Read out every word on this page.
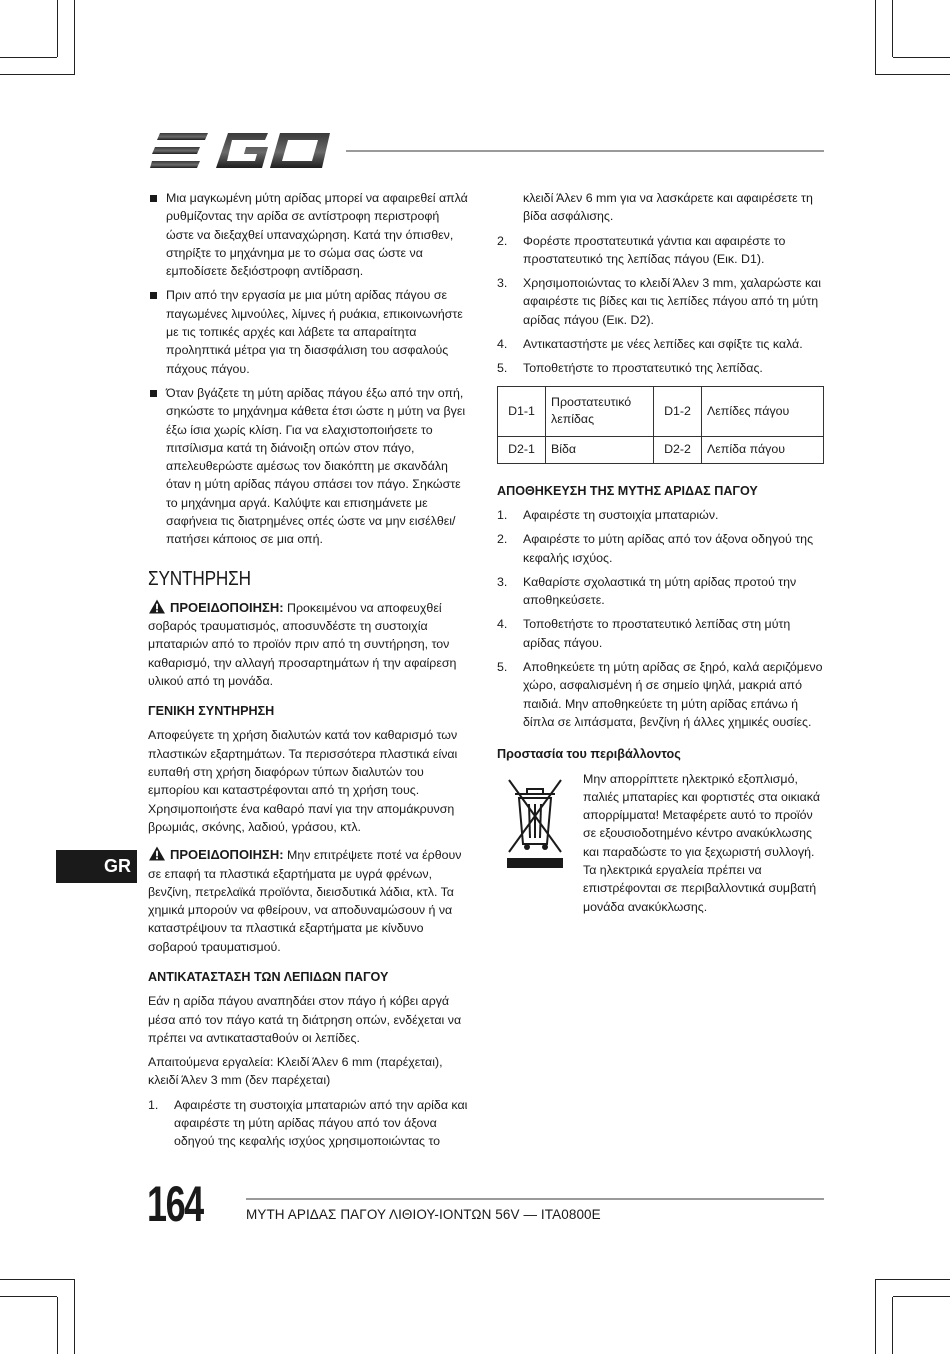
Μια μαγκωμένη μύτη αρίδας μπορεί να αφαιρεθεί απλά ρυθμίζοντας την αρίδα σε αντίστροφη περιστροφή ώστε να διεξαχθεί υπαναχώρηση. Κατά την όπισθεν, στηρίξτε το μηχάνημα με το σώμα σας ώστε να εμποδίσετε δεξιόστροφη αντίδραση.
Πριν από την εργασία με μια μύτη αρίδας πάγου σε παγωμένες λιμνούλες, λίμνες ή ρυάκια, επικοινωνήστε με τις τοπικές αρχές και λάβετε τα απαραίτητα προληπτικά μέτρα για τη διασφάλιση του ασφαλούς πάχους πάγου.
Όταν βγάζετε τη μύτη αρίδας πάγου έξω από την οπή, σηκώστε το μηχάνημα κάθετα έτσι ώστε η μύτη να βγει έξω ίσια χωρίς κλίση. Για να ελαχιστοποιήσετε το πιτσίλισμα κατά τη διάνοιξη οπών στον πάγο, απελευθερώστε αμέσως τον διακόπτη με σκανδάλη όταν η μύτη αρίδας πάγου σπάσει τον πάγο. Σηκώστε το μηχάνημα αργά. Καλύψτε και επισημάνετε με σαφήνεια τις διατρημένες οπές ώστε να μην εισέλθει/πατήσει κάποιος σε μια οπή.
ΣΥΝΤΗΡΗΣΗ

ΠΡΟΕΙΔΟΠΟΙΗΣΗ: Προκειμένου να αποφευχθεί σοβαρός τραυματισμός, αποσυνδέστε τη συστοιχία μπαταριών από το προϊόν πριν από τη συντήρηση, τον καθαρισμό, την αλλαγή προσαρτημάτων ή την αφαίρεση υλικού από τη μονάδα.

ΓΕΝΙΚΗ ΣΥΝΤΗΡΗΣΗ

Αποφεύγετε τη χρήση διαλυτών κατά τον καθαρισμό των πλαστικών εξαρτημάτων. Τα περισσότερα πλαστικά είναι ευπαθή στη χρήση διαφόρων τύπων διαλυτών του εμπορίου και καταστρέφονται από τη χρήση τους. Χρησιμοποιήστε ένα καθαρό πανί για την απομάκρυνση βρωμιάς, σκόνης, λαδιού, γράσου, κτλ.

ΠΡΟΕΙΔΟΠΟΙΗΣΗ: Μην επιτρέψετε ποτέ να έρθουν σε επαφή τα πλαστικά εξαρτήματα με υγρά φρένων, βενζίνη, πετρελαϊκά προϊόντα, διεισδυτικά λάδια, κτλ. Τα χημικά μπορούν να φθείρουν, να αποδυναμώσουν ή να καταστρέψουν τα πλαστικά εξαρτήματα με κίνδυνο σοβαρού τραυματισμού.

ΑΝΤΙΚΑΤΑΣΤΑΣΗ ΤΩΝ ΛΕΠΙΔΩΝ ΠΑΓΟΥ

Εάν η αρίδα πάγου αναπηδάει στον πάγο ή κόβει αργά μέσα από τον πάγο κατά τη διάτρηση οπών, ενδέχεται να πρέπει να αντικατασταθούν οι λεπίδες.

Απαιτούμενα εργαλεία: Κλειδί Άλεν 6 mm (παρέχεται), κλειδί Άλεν 3 mm (δεν παρέχεται)

1. Αφαιρέστε τη συστοιχία μπαταριών από την αρίδα και αφαιρέστε τη μύτη αρίδας πάγου από τον άξονα οδηγού της κεφαλής ισχύος χρησιμοποιώντας το
κλειδί Άλεν 6 mm για να λασκάρετε και αφαιρέσετε τη βίδα ασφάλισης.
2. Φορέστε προστατευτικά γάντια και αφαιρέστε το προστατευτικό της λεπίδας πάγου (Εικ. D1).
3. Χρησιμοποιώντας το κλειδί Άλεν 3 mm, χαλαρώστε και αφαιρέστε τις βίδες και τις λεπίδες πάγου από τη μύτη αρίδας πάγου (Εικ. D2).
4. Αντικαταστήστε με νέες λεπίδες και σφίξτε τις καλά.
5. Τοποθετήστε το προστατευτικό της λεπίδας.
D1-1	Προστατευτικό λεπίδας	D1-2	Λεπίδες πάγου
D2-1	Βίδα	D2-2	Λεπίδα πάγου
ΑΠΟΘΗΚΕΥΣΗ ΤΗΣ ΜΥΤΗΣ ΑΡΙΔΑΣ ΠΑΓΟΥ
1. Αφαιρέστε τη συστοιχία μπαταριών.
2. Αφαιρέστε το μύτη αρίδας από τον άξονα οδηγού της κεφαλής ισχύος.
3. Καθαρίστε σχολαστικά τη μύτη αρίδας προτού την αποθηκεύσετε.
4. Τοποθετήστε το προστατευτικό λεπίδας στη μύτη αρίδας πάγου.
5. Αποθηκεύετε τη μύτη αρίδας σε ξηρό, καλά αεριζόμενο χώρο, ασφαλισμένη ή σε σημείο ψηλά, μακριά από παιδιά. Μην αποθηκεύετε τη μύτη αρίδας επάνω ή δίπλα σε λιπάσματα, βενζίνη ή άλλες χημικές ουσίες.
Προστασία του περιβάλλοντος

Μην απορρίπτετε ηλεκτρικό εξοπλισμό, παλιές μπαταρίες και φορτιστές στα οικιακά απορρίμματα! Μεταφέρετε αυτό το προϊόν σε εξουσιοδοτημένο κέντρο ανακύκλωσης και παραδώστε το για ξεχωριστή συλλογή. Τα ηλεκτρικά εργαλεία πρέπει να επιστρέφονται σε περιβαλλοντικά συμβατή μονάδα ανακύκλωσης.

GR
164	ΜΥΤΗ ΑΡΙΔΑΣ ΠΑΓΟΥ ΛΙΘΙΟΥ-ΙΟΝΤΩΝ 56V — ITA0800E
